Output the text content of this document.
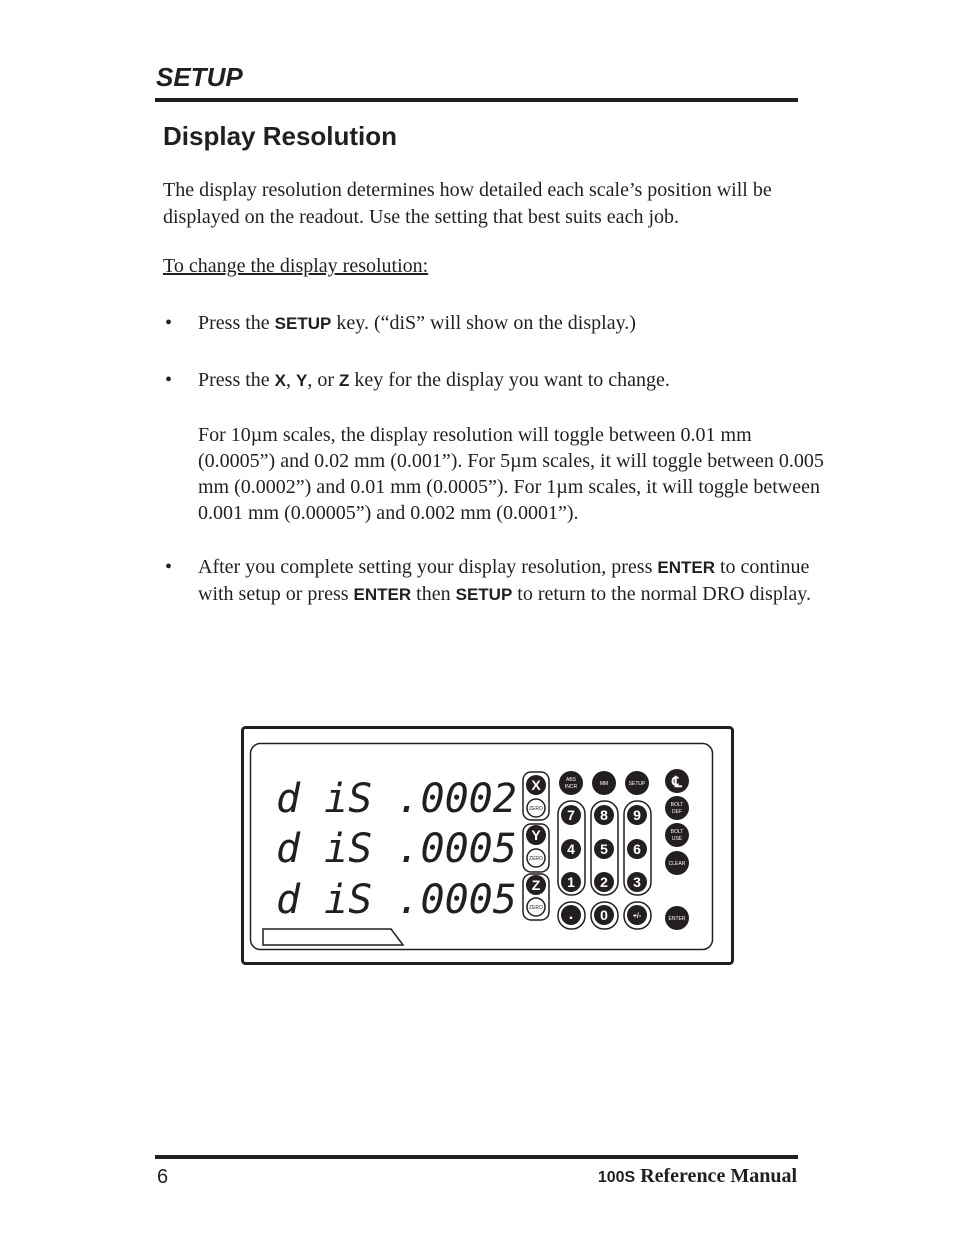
SETUP
Display Resolution
The display resolution determines how detailed each scale’s position will be displayed on the readout. Use the setting that best suits each job.
To change the display resolution:
• Press the SETUP key. (“diS” will show on the display.)
• Press the X, Y, or Z key for the display you want to change.
For 10µm scales, the display resolution will toggle between 0.01 mm (0.0005”) and 0.02 mm (0.001”). For 5µm scales, it will toggle between 0.005 mm (0.0002”) and 0.01 mm (0.0005”). For 1µm scales, it will toggle between 0.001 mm (0.00005”) and 0.002 mm (0.0001”).
• After you complete setting your display resolution, press ENTER to continue with setup or press ENTER then SETUP to return to the normal DRO display.
d iS .0002
d iS .0005
d iS .0005
X
ZERO
Y
ZERO
Z
ZERO
ABS
INCR	MM	SETUP ℄
BOLT
DEF
BOLT
USE
CLEAR
ENTER
7 8 9
4 5 6
1 2 3
. 0	+/-
6	100S Reference Manual
